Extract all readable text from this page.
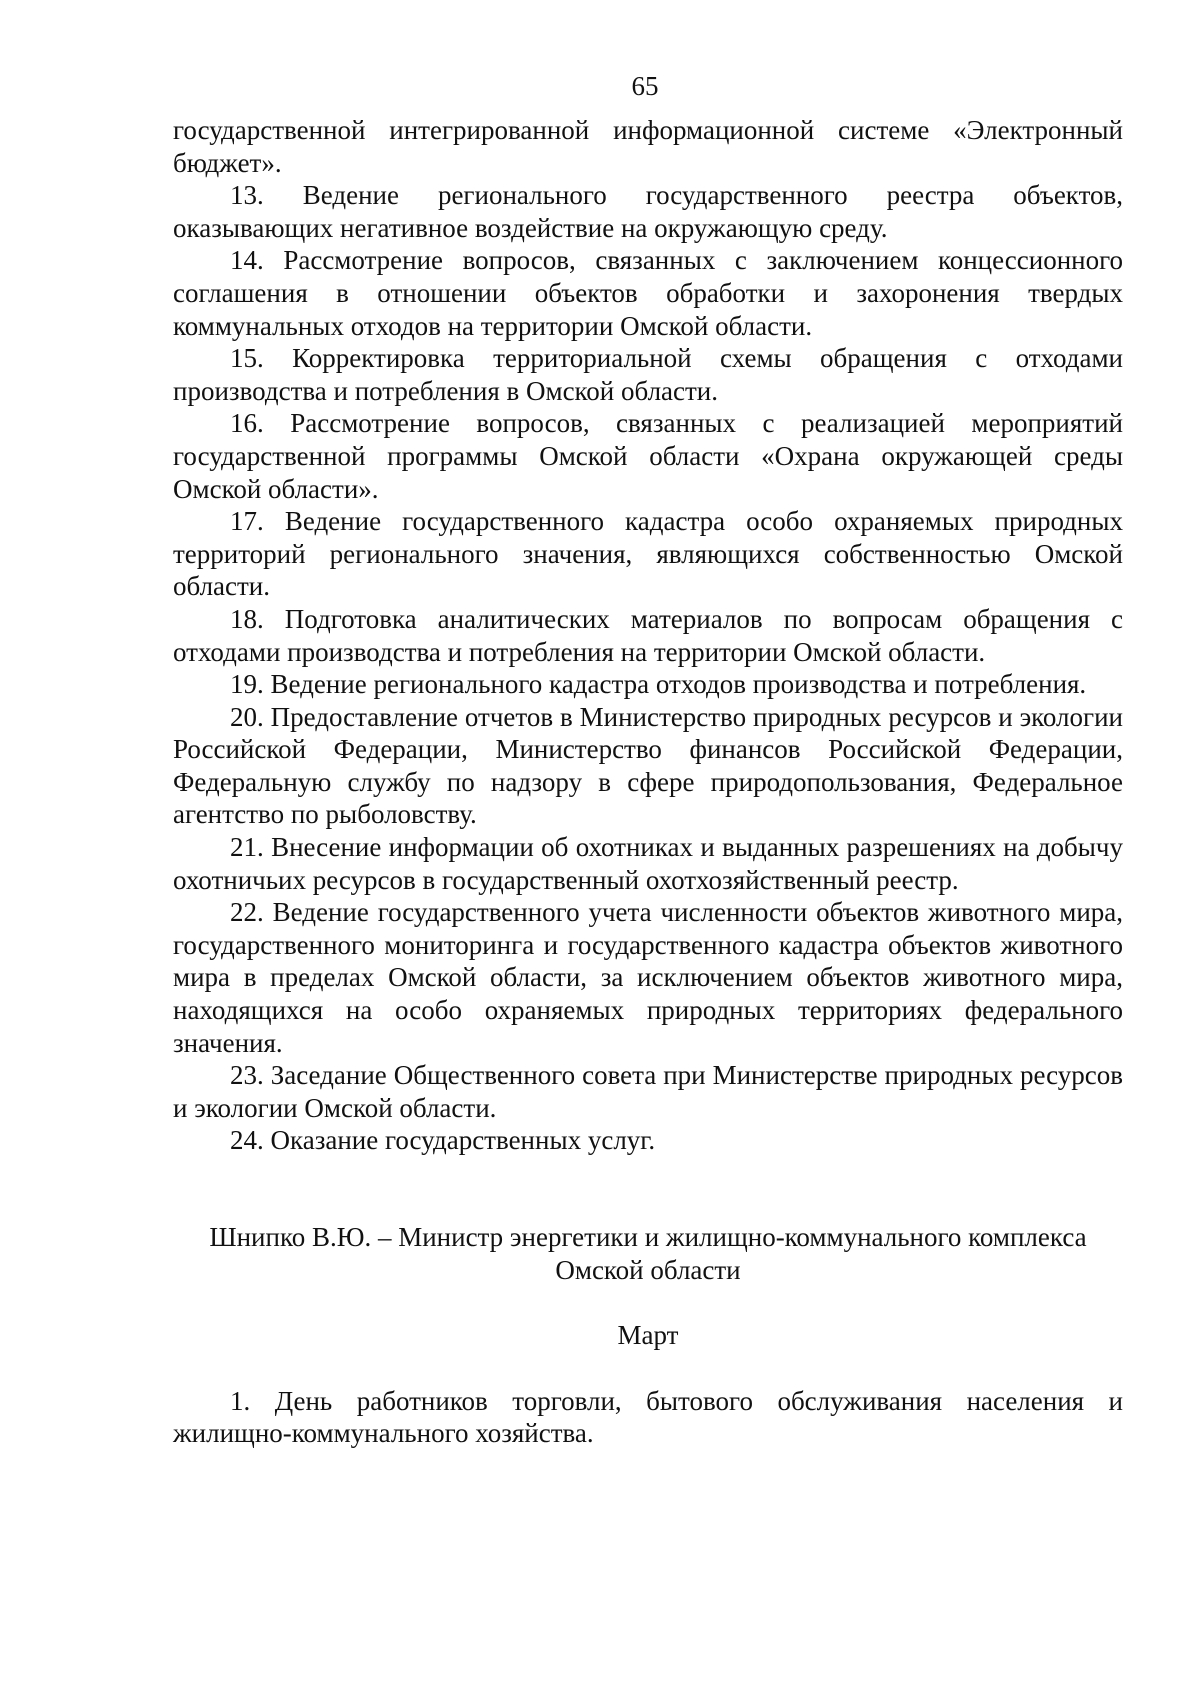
65

государственной интегрированной информационной системе «Электронный бюджет».

13. Ведение регионального государственного реестра объектов, оказывающих негативное воздействие на окружающую среду.

14. Рассмотрение вопросов, связанных с заключением концессионного соглашения в отношении объектов обработки и захоронения твердых коммунальных отходов на территории Омской области.

15. Корректировка территориальной схемы обращения с отходами производства и потребления в Омской области.

16. Рассмотрение вопросов, связанных с реализацией мероприятий государственной программы Омской области «Охрана окружающей среды Омской области».

17. Ведение государственного кадастра особо охраняемых природных территорий регионального значения, являющихся собственностью Омской области.

18. Подготовка аналитических материалов по вопросам обращения с отходами производства и потребления на территории Омской области.

19. Ведение регионального кадастра отходов производства и потребления.

20. Предоставление отчетов в Министерство природных ресурсов и экологии Российской Федерации, Министерство финансов Российской Федерации, Федеральную службу по надзору в сфере природопользования, Федеральное агентство по рыболовству.

21. Внесение информации об охотниках и выданных разрешениях на добычу охотничьих ресурсов в государственный охотхозяйственный реестр.

22. Ведение государственного учета численности объектов животного мира, государственного мониторинга и государственного кадастра объектов животного мира в пределах Омской области, за исключением объектов животного мира, находящихся на особо охраняемых природных территориях федерального значения.

23. Заседание Общественного совета при Министерстве природных ресурсов и экологии Омской области.

24. Оказание государственных услуг.

Шнипко В.Ю. – Министр энергетики и жилищно-коммунального комплекса
Омской области

Март

1. День работников торговли, бытового обслуживания населения и жилищно-коммунального хозяйства.
